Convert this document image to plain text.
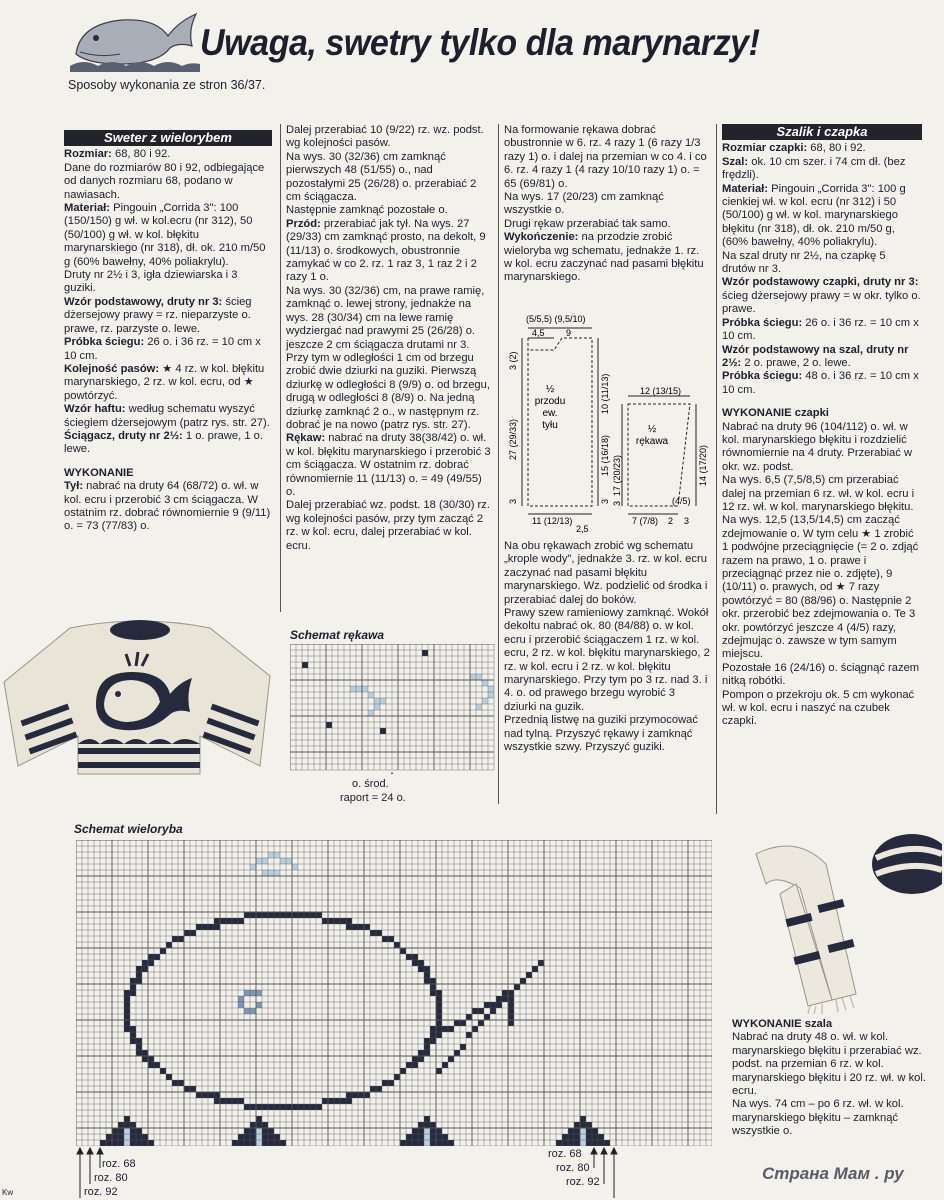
Uwaga, swetry tylko dla marynarzy!
Sposoby wykonania ze stron 36/37.
Sweter z wielorybem

Rozmiar: 68, 80 i 92.

Dane do rozmiarów 80 i 92, odbiegające od danych rozmiaru 68, podano w nawiasach.

Materiał: Pingouin „Corrida 3": 100 (150/150) g wł. w kol.ecru (nr 312), 50 (50/100) g wł. w kol. błękitu marynarskiego (nr 318), dł. ok. 210 m/50 g (60% bawełny, 40% poliakrylu).

Druty nr 2½ i 3, igła dziewiarska i 3 guziki.

Wzór podstawowy, druty nr 3: ścieg dżersejowy prawy = rz. nieparzyste o. prawe, rz. parzyste o. lewe.

Próbka ściegu: 26 o. i 36 rz. = 10 cm x 10 cm.

Kolejność pasów: ★ 4 rz. w kol. błękitu marynarskiego, 2 rz. w kol. ecru, od ★ powtórzyć.

Wzór haftu: według schematu wyszyć ściegiem dżersejowym (patrz rys. str. 27).

Ściągacz, druty nr 2½: 1 o. prawe, 1 o. lewe.

WYKONANIE

Tył: nabrać na druty 64 (68/72) o. wł. w kol. ecru i przerobić 3 cm ściągacza. W ostatnim rz. dobrać równomiernie 9 (9/11) o. = 73 (77/83) o.

Dalej przerabiać 10 (9/22) rz. wz. podst. wg kolejności pasów.

Na wys. 30 (32/36) cm zamknąć pierwszych 48 (51/55) o., nad pozostałymi 25 (26/28) o. przerabiać 2 cm ściągacza.

Następnie zamknąć pozostałe o.

Przód: przerabiać jak tył. Na wys. 27 (29/33) cm zamknąć prosto, na dekolt, 9 (11/13) o. środkowych, obustronnie zamykać w co 2. rz. 1 raz 3, 1 raz 2 i 2 razy 1 o.

Na wys. 30 (32/36) cm, na prawe ramię, zamknąć o. lewej strony, jednakże na wys. 28 (30/34) cm na lewe ramię wydziergać nad prawymi 25 (26/28) o. jeszcze 2 cm ściągacza drutami nr 3. Przy tym w odległości 1 cm od brzegu zrobić dwie dziurki na guziki. Pierwszą dziurkę w odległości 8 (9/9) o. od brzegu, drugą w odległości 8 (8/9) o. Na jedną dziurkę zamknąć 2 o., w następnym rz. dobrać je na nowo (patrz rys. str. 27).

Rękaw: nabrać na druty 38(38/42) o. wł. w kol. błękitu marynarskiego i przerobić 3 cm ściągacza. W ostatnim rz. dobrać równomiernie 11 (11/13) o. = 49 (49/55) o.

Dalej przerabiać wz. podst. 18 (30/30) rz. wg kolejności pasów, przy tym zacząć 2 rz. w kol. ecru, dalej przerabiać w kol. ecru.

Na formowanie rękawa dobrać obustronnie w 6. rz. 4 razy 1 (6 razy 1/3 razy 1) o. i dalej na przemian w co 4. i co 6. rz. 4 razy 1 (4 razy 10/10 razy 1) o. = 65 (69/81) o.

Na wys. 17 (20/23) cm zamknąć wszystkie o.

Drugi rękaw przerabiać tak samo.

Wykończenie: na przodzie zrobić wieloryba wg schematu, jednakże 1. rz. w kol. ecru zaczynać nad pasami błękitu marynarskiego.

Na obu rękawach zrobić wg schematu „krople wody", jednakże 3. rz. w kol. ecru zaczynać nad pasami błękitu marynarskiego. Wz. podzielić od środka i przerabiać dalej do boków.

Prawy szew ramieniowy zamknąć. Wokół dekoltu nabrać ok. 80 (84/88) o. w kol. ecru i przerobić ściągaczem 1 rz. w kol. ecru, 2 rz. w kol. błękitu marynarskiego, 2 rz. w kol. ecru i 2 rz. w kol. błękitu marynarskiego. Przy tym po 3 rz. nad 3. i 4. o. od prawego brzegu wyrobić 3 dziurki na guzik.

Przednią listwę na guziki przymocować nad tylną. Przyszyć rękawy i zamknąć wszystkie szwy. Przyszyć guziki.

(5/5,5) (9,5/10)
4,5 9
3 (2)
27 (29/33)
3
10 (11/13)
15 (16/18)
3
11 (12/13)
2,5
½ przodu ew. tyłu	½ rękawa
12 (13/15)
17 (20/23)
3
14 (17/20)
(4/5)
7 (7/8) 2 3
Szalik i czapka

Rozmiar czapki: 68, 80 i 92.

Szal: ok. 10 cm szer. i 74 cm dł. (bez frędzli).

Materiał: Pingouin „Corrida 3": 100 g cienkiej wł. w kol. ecru (nr 312) i 50 (50/100) g wł. w kol. marynarskiego błękitu (nr 318), dł. ok. 210 m/50 g, (60% bawełny, 40% poliakrylu).

Na szal druty nr 2½, na czapkę 5 drutów nr 3.

Wzór podstawowy czapki, druty nr 3: ścieg dżersejowy prawy = w okr. tylko o. prawe.

Próbka ściegu: 26 o. i 36 rz. = 10 cm x 10 cm.

Wzór podstawowy na szal, druty nr 2½: 2 o. prawe, 2 o. lewe.

Próbka ściegu: 48 o. i 36 rz. = 10 cm x 10 cm.

WYKONANIE czapki

Nabrać na druty 96 (104/112) o. wł. w kol. marynarskiego błękitu i rozdzielić równomiernie na 4 druty. Przerabiać w okr. wz. podst.

Na wys. 6,5 (7,5/8,5) cm przerabiać dalej na przemian 6 rz. wł. w kol. ecru i 12 rz. wł. w kol. marynarskiego błękitu.

Na wys. 12,5 (13,5/14,5) cm zacząć zdejmowanie o. W tym celu ★ 1 zrobić 1 podwójne przeciągnięcie (= 2 o. zdjąć razem na prawo, 1 o. prawe i przeciągnąć przez nie o. zdjęte), 9 (10/11) o. prawych, od ★ 7 razy powtórzyć = 80 (88/96) o. Następnie 2 okr. przerobić bez zdejmowania o. Te 3 okr. powtórzyć jeszcze 4 (4/5) razy, zdejmując o. zawsze w tym samym miejscu.

Pozostałe 16 (24/16) o. ściągnąć razem nitką robótki.

Pompon o przekroju ok. 5 cm wykonać wł. w kol. ecru i naszyć na czubek czapki.

WYKONANIE szala

Nabrać na druty 48 o. wł. w kol. marynarskiego błękitu i przerabiać wz. podst. na przemian 6 rz. w kol. marynarskiego błękitu i 20 rz. wł. w kol. ecru.

Na wys. 74 cm – po 6 rz. wł. w kol. marynarskiego błękitu – zamknąć wszystkie o.

Schemat rękawa
o. środ.
raport = 24 o.
Schemat wieloryba
roz. 68
roz. 80
roz. 92
roz. 68
roz. 80
roz. 92	Страна Мам . ру
Kw
